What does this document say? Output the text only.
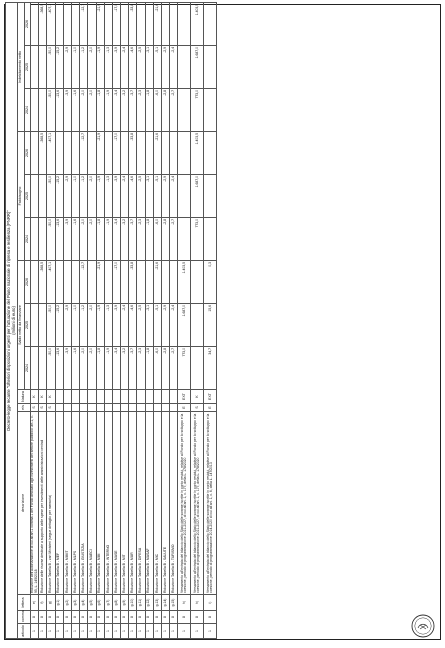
Decreto-legge recante "Ulteriori disposizioni urgenti per l'attuazione del Piano nazionale di ripresa e resilienza (PNRR)" (milioni di euro)														

articolo	comma	lettera	descrizione	e/s	Natura	Saldo netto da finanziare			Fabbisogno			Indebitamento netto		
						2024	2025	2026	2024	2025	2026	2024	2025	2026
1	8	e)	Riduzione dell'autorizzazione di cui all'art.1 comma 1 del Fondo dedicato agli investimenti del settore pubblico: art.1, c. 95, L. 145/2018	S	K									
1	8	f)	Riduzione delle risorse destinate a supporto delle spese per investimenti delle amministrazioni centrali	S	K			-368,5			-368,5			-368,5
1	8	g)	Riduzione Tabella B - vari Ministeri (segue dettaglio per memoria)	S	K	-50,0	-50,0	-407,1	-50,0	-50,0	-407,1	-50,0	-50,0	-407,1
1	8	g.1)	Riduzione Tabella B - MEF			-13,6	-15,2		-13,6	-15,2		-13,6	-15,2	
1	8	g.2)	Riduzione Tabella B - MIMIT			-3,9	-2,9		-3,9	-2,9		-3,9	-2,9	
1	8	g.3)	Riduzione Tabella B - MLPS			-1,6	-1,0		-1,6	-1,0		-1,6	-1,0	
1	8	g.4)	Riduzione Tabella B - GIUSTIZIA			-2,0	-1,2	-12,7	-2,0	-1,2	-12,7	-2,0	-1,2	-12,7
1	8	g.5)	Riduzione Tabella B - MAECI			-2,0	-2,0		-2,0	-2,0		-2,0	-2,0	
1	8	g.6)	Riduzione Tabella B - MIM			-1,8	-1,9	-21,9	-1,8	-1,9	-21,9	-1,8	-1,9	-21,9
1	8	g.7)	Riduzione Tabella B - INTERNO			-1,9	-1,3		-1,9	-1,3		-1,9	-1,3	
1	8	g.8)	Riduzione Tabella B - MASE			-3,4	-3,9	-17,0	-3,4	-3,9	-17,0	-3,4	-3,9	-17,0
1	8	g.9)	Riduzione Tabella B - MIT			-3,2	-2,4		-3,2	-2,4		-3,2	-2,4	
1	8	g.10)	Riduzione Tabella B - MUR			-3,7	-4,6	-33,8	-3,7	-4,6	-33,8	-3,7	-4,6	-33,8
1	8	g.11)	Riduzione Tabella B - DIFESA			-2,3	-2,5		-2,3	-2,5		-2,3	-2,5	
1	8	g.12)	Riduzione Tabella B - MASAF			-1,8	-3,1		-1,8	-3,1		-1,8	-3,1	
1	8	g.13)	Riduzione Tabella B - MIC			-6,0	-5,1	-21,6	-6,0	-5,1	-21,6	-6,0	-5,1	-21,6
1	8	g.14)	Riduzione Tabella B - SALUTE			-2,8	-2,9		-2,8	-2,9		-2,8	-2,9	
1	8	g.15)	Riduzione Tabella B - TURISMO			-2,7	-2,4		-2,7	-2,4		-2,7	-2,4	
1	8	h)	Versamento all'entrata del bilancio dello Stato delle somme iscritte in conto residui, relative al Fondo per lo sviluppo e la coesione, periodo di programmazione 2021-2027, di cui all'art. 1, c. 177, della L. 178/2020	E	EXT	773,0	1.687,0	1.403,5						
1	8	h)	Versamento all'entrata del bilancio dello Stato delle somme iscritte in conto residui, relative al Fondo per lo sviluppo e la coesione, periodo di programmazione 2021-2027, di cui all'art. 1, c. 177, della L. 178/2020	S	K				773,0	1.687,0	1.403,5	773,0	1.687,0	1.403,5
1	8	i)	Versamento all'entrata del bilancio dello Stato delle somme iscritte in conto residui, relative al Fondo per lo sviluppo e la coesione, periodo di programmazione 2014-2020 di cui all'art. 1, c. 6, della L. 147/2013	E	EXT	34,7	15,6	0,3						
